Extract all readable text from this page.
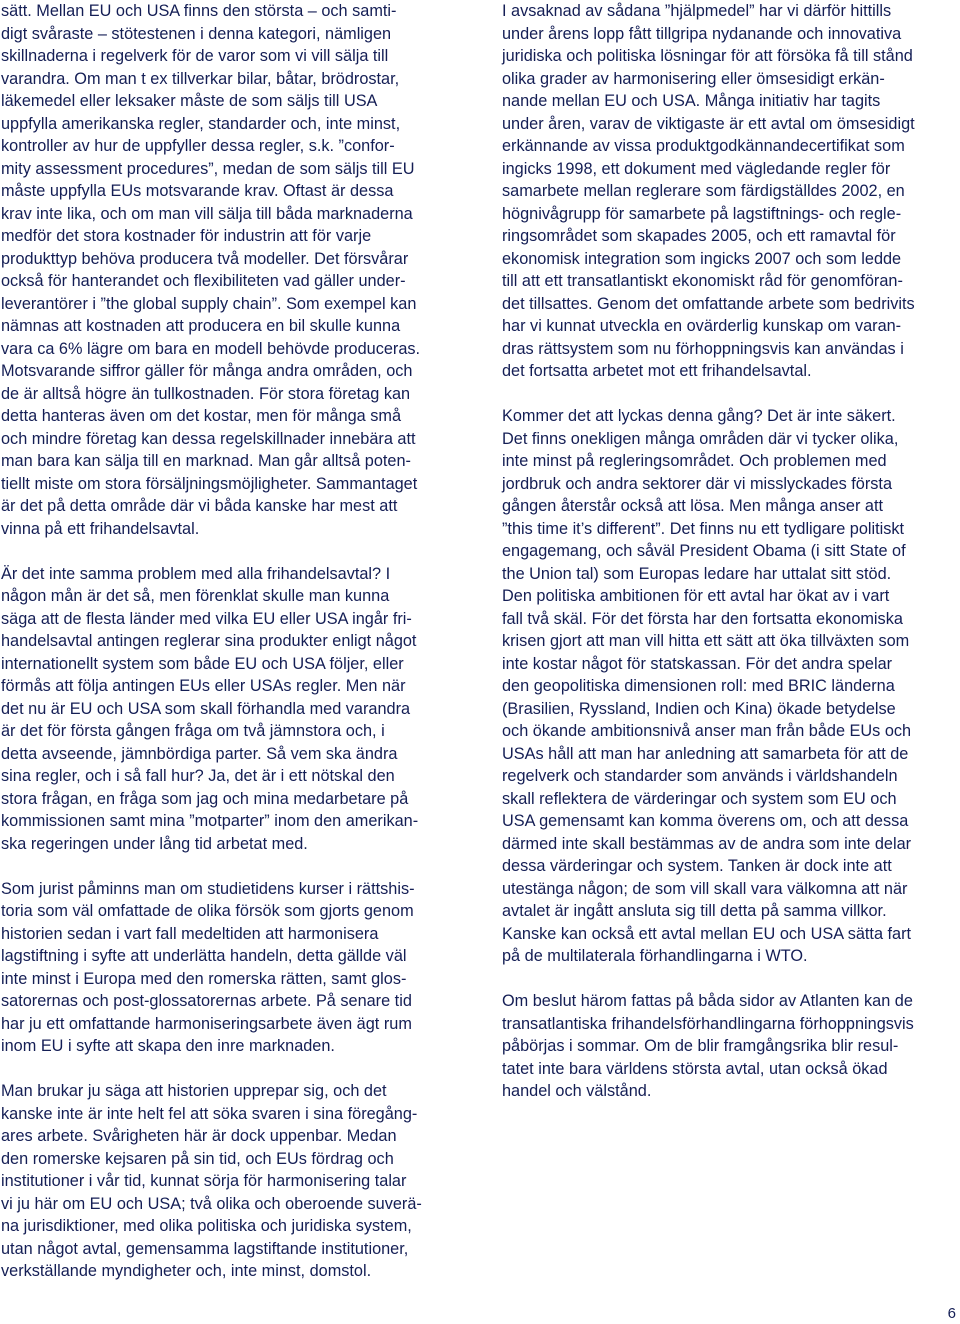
sätt. Mellan EU och USA finns den största – och samti-
digt svåraste – stötestenen i denna kategori, nämligen
skillnaderna i regelverk för de varor som vi vill sälja till
varandra. Om man t ex tillverkar bilar, båtar, brödrostar,
läkemedel eller leksaker måste de som säljs till USA
uppfylla amerikanska regler, standarder och, inte minst,
kontroller av hur de uppfyller dessa regler, s.k. ”confor-
mity assessment procedures”, medan de som säljs till EU
måste uppfylla EUs motsvarande krav. Oftast är dessa
krav inte lika, och om man vill sälja till båda marknaderna
medför det stora kostnader för industrin att för varje
produkttyp behöva producera två modeller. Det försvårar
också för hanterandet och flexibiliteten vad gäller under-
leverantörer i ”the global supply chain”. Som exempel kan
nämnas att kostnaden att producera en bil skulle kunna
vara ca 6% lägre om bara en modell behövde produceras.
Motsvarande siffror gäller för många andra områden, och
de är alltså högre än tullkostnaden. För stora företag kan
detta hanteras även om det kostar, men för många små
och mindre företag kan dessa regelskillnader innebära att
man bara kan sälja till en marknad. Man går alltså poten-
tiellt miste om stora försäljningsmöjligheter. Sammantaget
är det på detta område där vi båda kanske har mest att
vinna på ett frihandelsavtal.
Är det inte samma problem med alla frihandelsavtal? I
någon mån är det så, men förenklat skulle man kunna
säga att de flesta länder med vilka EU eller USA ingår fri-
handelsavtal antingen reglerar sina produkter enligt något
internationellt system som både EU och USA följer, eller
förmås att följa antingen EUs eller USAs regler. Men när
det nu är EU och USA som skall förhandla med varandra
är det för första gången fråga om två jämnstora och, i
detta avseende, jämnbördiga parter. Så vem ska ändra
sina regler, och i så fall hur? Ja, det är i ett nötskal den
stora frågan, en fråga som jag och mina medarbetare på
kommissionen samt mina ”motparter” inom den amerikan-
ska regeringen under lång tid arbetat med.
Som jurist påminns man om studietidens kurser i rättshis-
toria som väl omfattade de olika försök som gjorts genom
historien sedan i vart fall medeltiden att harmonisera
lagstiftning i syfte att underlätta handeln, detta gällde väl
inte minst i Europa med den romerska rätten, samt glos-
satorernas och post-glossatorernas arbete. På senare tid
har ju ett omfattande harmoniseringsarbete även ägt rum
inom EU i syfte att skapa den inre marknaden.
Man brukar ju säga att historien upprepar sig, och det
kanske inte är inte helt fel att söka svaren i sina föregång-
ares arbete. Svårigheten här är dock uppenbar. Medan
den romerske kejsaren på sin tid, och EUs fördrag och
institutioner i vår tid, kunnat sörja för harmonisering talar
vi ju här om EU och USA; två olika och oberoende suverä-
na jurisdiktioner, med olika politiska och juridiska system,
utan något avtal, gemensamma lagstiftande institutioner,
verkställande myndigheter och, inte minst, domstol.
I avsaknad av sådana ”hjälpmedel” har vi därför hittills
under årens lopp fått tillgripa nydanande och innovativa
juridiska och politiska lösningar för att försöka få till stånd
olika grader av harmonisering eller ömsesidigt erkän-
nande mellan EU och USA. Många initiativ har tagits
under åren, varav de viktigaste är ett avtal om ömsesidigt
erkännande av vissa produktgodkännandecertifikat som
ingicks 1998, ett dokument med vägledande regler för
samarbete mellan reglerare som färdigställdes 2002, en
högnivågrupp för samarbete på lagstiftnings- och regle-
ringsområdet som skapades 2005, och ett ramavtal för
ekonomisk integration som ingicks 2007 och som ledde
till att ett transatlantiskt ekonomiskt råd för genomföran-
det tillsattes. Genom det omfattande arbete som bedrivits
har vi kunnat utveckla en ovärderlig kunskap om varan-
dras rättsystem som nu förhoppningsvis kan användas i
det fortsatta arbetet mot ett frihandelsavtal.
Kommer det att lyckas denna gång? Det är inte säkert.
Det finns onekligen många områden där vi tycker olika,
inte minst på regleringsområdet. Och problemen med
jordbruk och andra sektorer där vi misslyckades första
gången återstår också att lösa. Men många anser att
”this time it’s different”. Det finns nu ett tydligare politiskt
engagemang, och såväl President Obama (i sitt State of
the Union tal) som Europas ledare har uttalat sitt stöd.
Den politiska ambitionen för ett avtal har ökat av i vart
fall två skäl. För det första har den fortsatta ekonomiska
krisen gjort att man vill hitta ett sätt att öka tillväxten som
inte kostar något för statskassan. För det andra spelar
den geopolitiska dimensionen roll: med BRIC länderna
(Brasilien, Ryssland, Indien och Kina) ökade betydelse
och ökande ambitionsnivå anser man från både EUs och
USAs håll att man har anledning att samarbeta för att de
regelverk och standarder som används i världshandeln
skall reflektera de värderingar och system som EU och
USA gemensamt kan komma överens om, och att dessa
därmed inte skall bestämmas av de andra som inte delar
dessa värderingar och system. Tanken är dock inte att
utestänga någon; de som vill skall vara välkomna att när
avtalet är ingått ansluta sig till detta på samma villkor.
Kanske kan också ett avtal mellan EU och USA sätta fart
på de multilaterala förhandlingarna i WTO.
Om beslut härom fattas på båda sidor av Atlanten kan de
transatlantiska frihandelsförhandlingarna förhoppningsvis
påbörjas i sommar. Om de blir framgångsrika blir resul-
tatet inte bara världens största avtal, utan också ökad
handel och välstånd.
6
